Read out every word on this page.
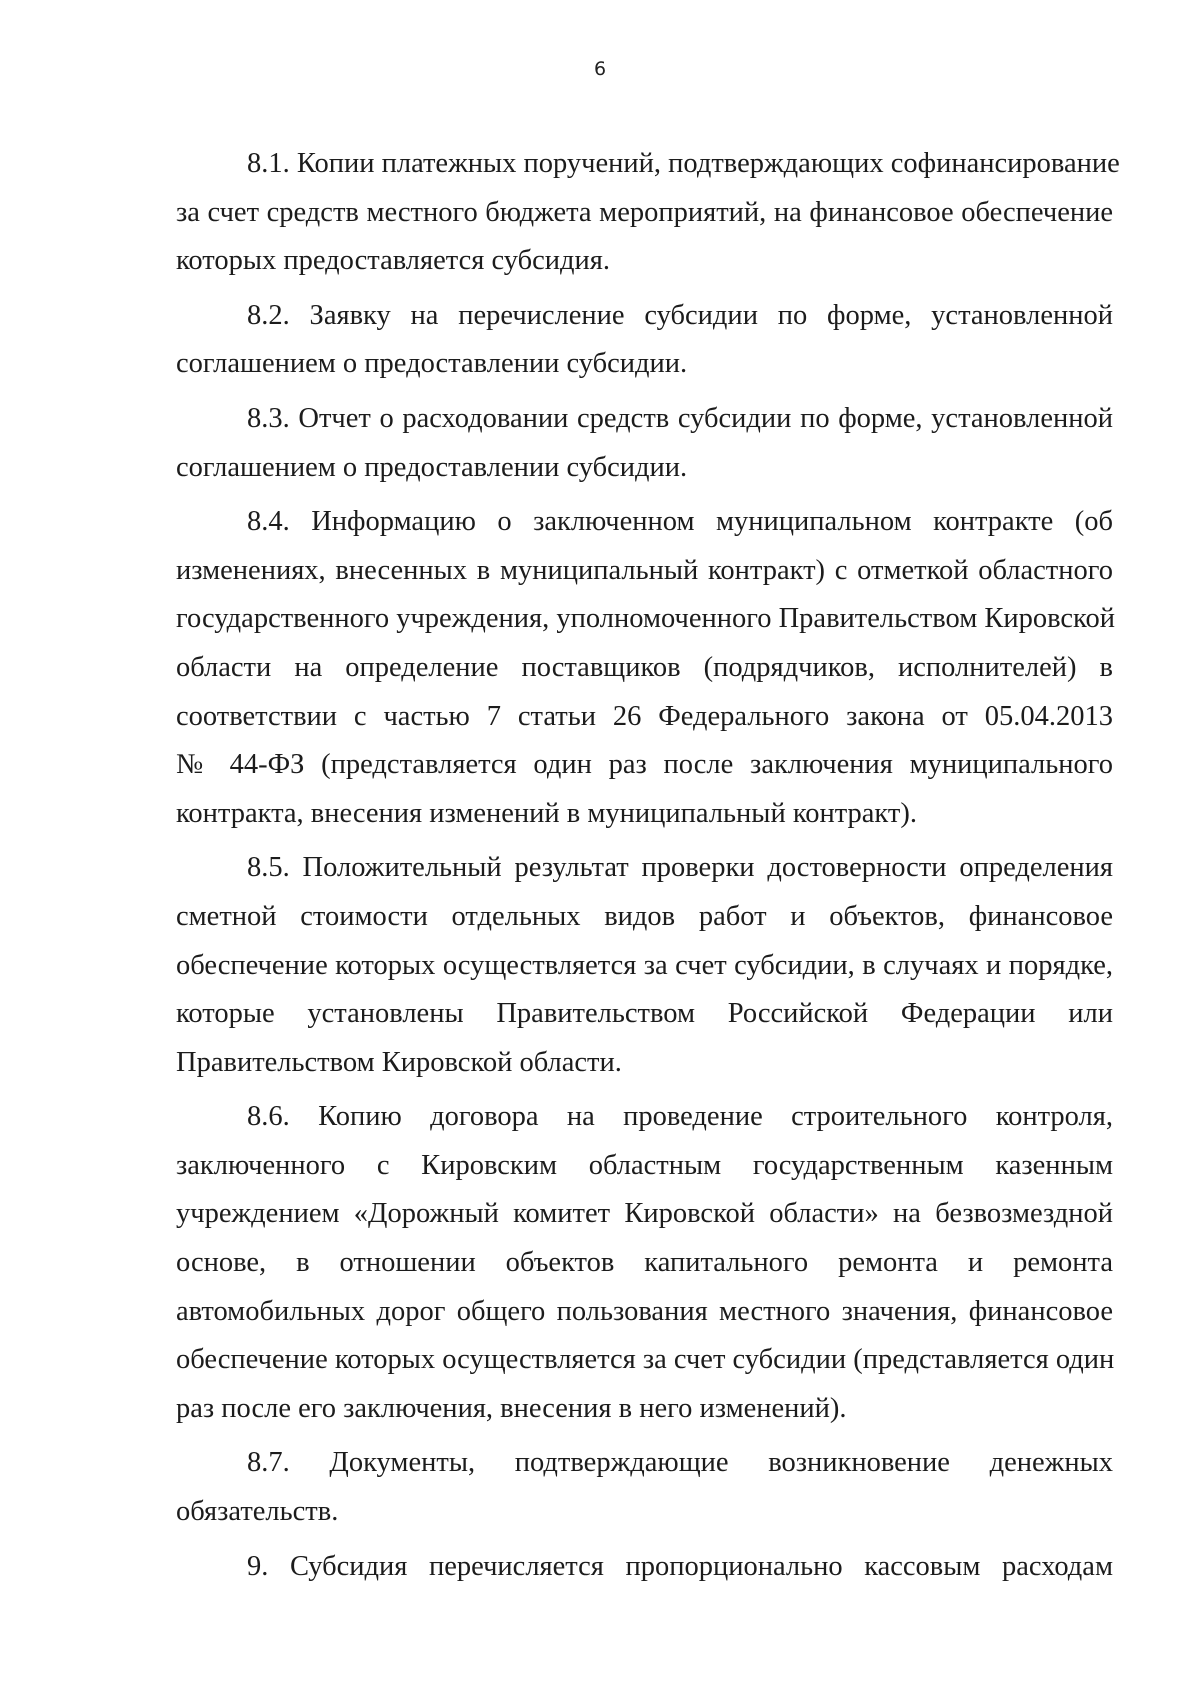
6
8.1. Копии платежных поручений, подтверждающих софинансирование
за счет средств местного бюджета мероприятий, на финансовое обеспечение
которых предоставляется субсидия.
8.2. Заявку на перечисление субсидии по форме, установленной
соглашением о предоставлении субсидии.
8.3. Отчет о расходовании средств субсидии по форме, установленной
соглашением о предоставлении субсидии.
8.4. Информацию о заключенном муниципальном контракте (об
изменениях, внесенных в муниципальный контракт) с отметкой областного
государственного учреждения, уполномоченного Правительством Кировской
области на определение поставщиков (подрядчиков, исполнителей) в
соответствии с частью 7 статьи 26 Федерального закона от 05.04.2013
№ 44-ФЗ (представляется один раз после заключения муниципального
контракта, внесения изменений в муниципальный контракт).
8.5. Положительный результат проверки достоверности определения
сметной стоимости отдельных видов работ и объектов, финансовое
обеспечение которых осуществляется за счет субсидии, в случаях и порядке,
которые установлены Правительством Российской Федерации или
Правительством Кировской области.
8.6. Копию договора на проведение строительного контроля,
заключенного с Кировским областным государственным казенным
учреждением «Дорожный комитет Кировской области» на безвозмездной
основе, в отношении объектов капитального ремонта и ремонта
автомобильных дорог общего пользования местного значения, финансовое
обеспечение которых осуществляется за счет субсидии (представляется один
раз после его заключения, внесения в него изменений).
8.7. Документы, подтверждающие возникновение денежных
обязательств.
9. Субсидия перечисляется пропорционально кассовым расходам
